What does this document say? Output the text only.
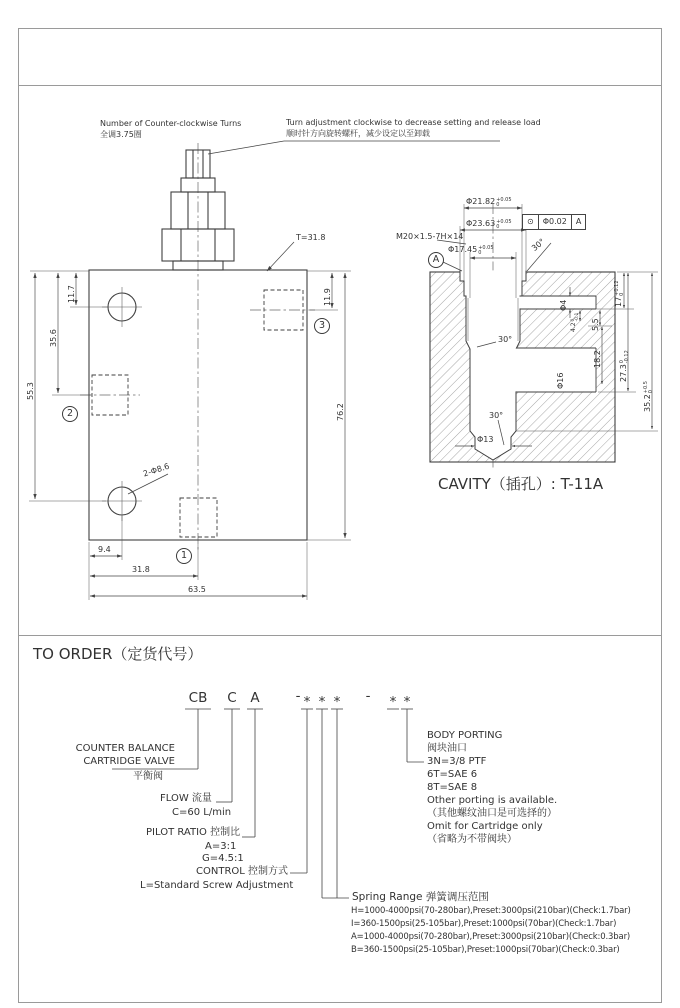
Number of Counter-clockwise Turns
全调3.75圈
Turn adjustment clockwise to decrease setting and release load
顺时针方向旋转螺杆，减少设定以至卸载
T=31.8
2-Φ8.6
11.7
35.6
55.3
11.9
76.2
9.4
31.8
63.5
1
2
3
Φ21.82 +0.05
0
Φ23.63 +0.05
0
M20×1.5-7H×14
Φ17.45 +0.05
0
⊙	Φ0.02	A
A
30°
Φ4	17
+0.12 0
5.5
4.2
0 -0.1
18.2
27.3
0 -0.12
35.2
+0.5 0
Φ16
30°
30°
Φ13
CAVITY（插孔）: T-11A
TO ORDER（定货代号）
CB C A	- * * * - * *
COUNTER BALANCE
CARTRIDGE VALVE
平衡阀
FLOW 流量
C=60 L/min
PILOT RATIO 控制比
A=3:1
G=4.5:1
CONTROL 控制方式
L=Standard Screw Adjustment
BODY PORTING
阀块油口
3N=3/8 PTF
6T=SAE 6
8T=SAE 8
Other porting is available.
（其他螺纹油口是可选择的）
Omit for Cartridge only
（省略为不带阀块）
Spring Range 弹簧调压范围
H=1000-4000psi(70-280bar),Preset:3000psi(210bar)(Check:1.7bar)
I=360-1500psi(25-105bar),Preset:1000psi(70bar)(Check:1.7bar)
A=1000-4000psi(70-280bar),Preset:3000psi(210bar)(Check:0.3bar)
B=360-1500psi(25-105bar),Preset:1000psi(70bar)(Check:0.3bar)
